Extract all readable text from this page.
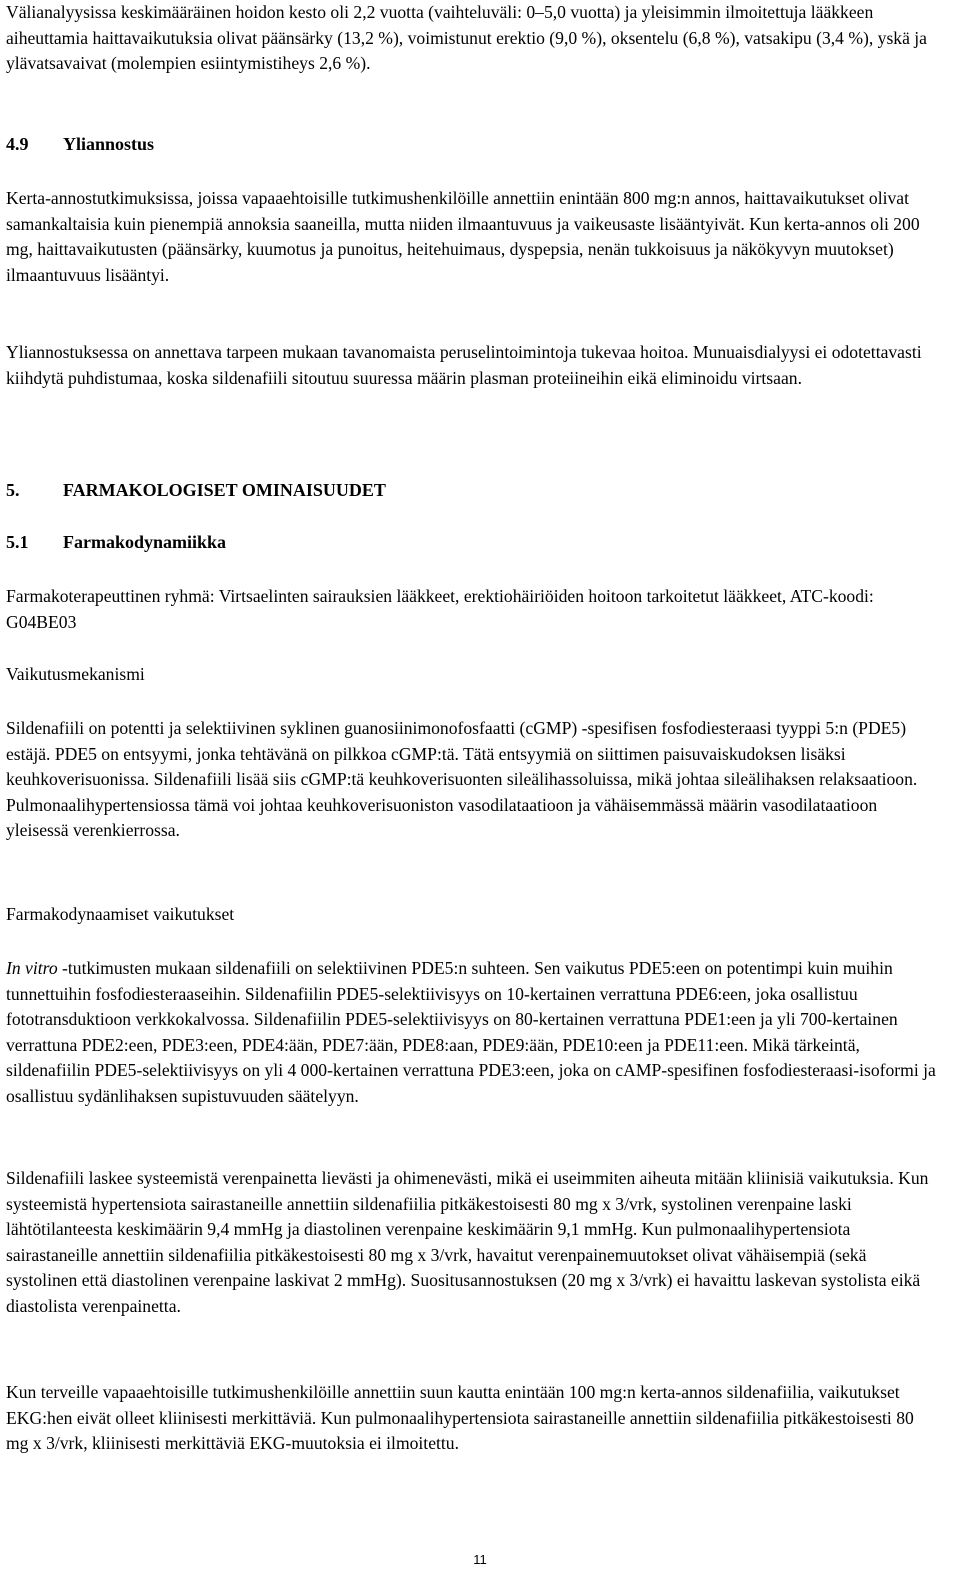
Välianalyysissa keskimääräinen hoidon kesto oli 2,2 vuotta (vaihteluväli: 0–5,0 vuotta) ja yleisimmin ilmoitettuja lääkkeen aiheuttamia haittavaikutuksia olivat päänsärky (13,2 %), voimistunut erektio (9,0 %), oksentelu (6,8 %), vatsakipu (3,4 %), yskä ja ylävatsavaivat (molempien esiintymistiheys 2,6 %).

4.9	Yliannostus

Kerta-annostutkimuksissa, joissa vapaaehtoisille tutkimushenkilöille annettiin enintään 800 mg:n annos, haittavaikutukset olivat samankaltaisia kuin pienempiä annoksia saaneilla, mutta niiden ilmaantuvuus ja vaikeusaste lisääntyivät. Kun kerta-annos oli 200 mg, haittavaikutusten (päänsärky, kuumotus ja punoitus, heitehuimaus, dyspepsia, nenän tukkoisuus ja näkökyvyn muutokset) ilmaantuvuus lisääntyi.

Yliannostuksessa on annettava tarpeen mukaan tavanomaista peruselintoimintoja tukevaa hoitoa. Munuaisdialyysi ei odotettavasti kiihdytä puhdistumaa, koska sildenafiili sitoutuu suuressa määrin plasman proteiineihin eikä eliminoidu virtsaan.

5.	FARMAKOLOGISET OMINAISUUDET
5.1	Farmakodynamiikka

Farmakoterapeuttinen ryhmä: Virtsaelinten sairauksien lääkkeet, erektiohäiriöiden hoitoon tarkoitetut lääkkeet, ATC-koodi: G04BE03

Vaikutusmekanismi

Sildenafiili on potentti ja selektiivinen syklinen guanosiinimonofosfaatti (cGMP) -spesifisen fosfodiesteraasi tyyppi 5:n (PDE5) estäjä. PDE5 on entsyymi, jonka tehtävänä on pilkkoa cGMP:tä. Tätä entsyymiä on siittimen paisuvaiskudoksen lisäksi keuhkoverisuonissa. Sildenafiili lisää siis cGMP:tä keuhkoverisuonten sileälihassoluissa, mikä johtaa sileälihaksen relaksaatioon. Pulmonaalihypertensiossa tämä voi johtaa keuhkoverisuoniston vasodilataatioon ja vähäisemmässä määrin vasodilataatioon yleisessä verenkierrossa.

Farmakodynaamiset vaikutukset

In vitro -tutkimusten mukaan sildenafiili on selektiivinen PDE5:n suhteen. Sen vaikutus PDE5:een on potentimpi kuin muihin tunnettuihin fosfodiesteraaseihin. Sildenafiilin PDE5-selektiivisyys on 10-kertainen verrattuna PDE6:een, joka osallistuu fototransduktioon verkkokalvossa. Sildenafiilin PDE5-selektiivisyys on 80-kertainen verrattuna PDE1:een ja yli 700-kertainen verrattuna PDE2:een, PDE3:een, PDE4:ään, PDE7:ään, PDE8:aan, PDE9:ään, PDE10:een ja PDE11:een. Mikä tärkeintä, sildenafiilin PDE5-selektiivisyys on yli 4 000-kertainen verrattuna PDE3:een, joka on cAMP-spesifinen fosfodiesteraasi-isoformi ja osallistuu sydänlihaksen supistuvuuden säätelyyn.

Sildenafiili laskee systeemistä verenpainetta lievästi ja ohimenevästi, mikä ei useimmiten aiheuta mitään kliinisiä vaikutuksia. Kun systeemistä hypertensiota sairastaneille annettiin sildenafiilia pitkäkestoisesti 80 mg x 3/vrk, systolinen verenpaine laski lähtötilanteesta keskimäärin 9,4 mmHg ja diastolinen verenpaine keskimäärin 9,1 mmHg. Kun pulmonaalihypertensiota sairastaneille annettiin sildenafiilia pitkäkestoisesti 80 mg x 3/vrk, havaitut verenpainemuutokset olivat vähäisempiä (sekä systolinen että diastolinen verenpaine laskivat 2 mmHg). Suositusannostuksen (20 mg x 3/vrk) ei havaittu laskevan systolista eikä diastolista verenpainetta.

Kun terveille vapaaehtoisille tutkimushenkilöille annettiin suun kautta enintään 100 mg:n kerta-annos sildenafiilia, vaikutukset EKG:hen eivät olleet kliinisesti merkittäviä. Kun pulmonaalihypertensiota sairastaneille annettiin sildenafiilia pitkäkestoisesti 80 mg x 3/vrk, kliinisesti merkittäviä EKG-muutoksia ei ilmoitettu.

11
